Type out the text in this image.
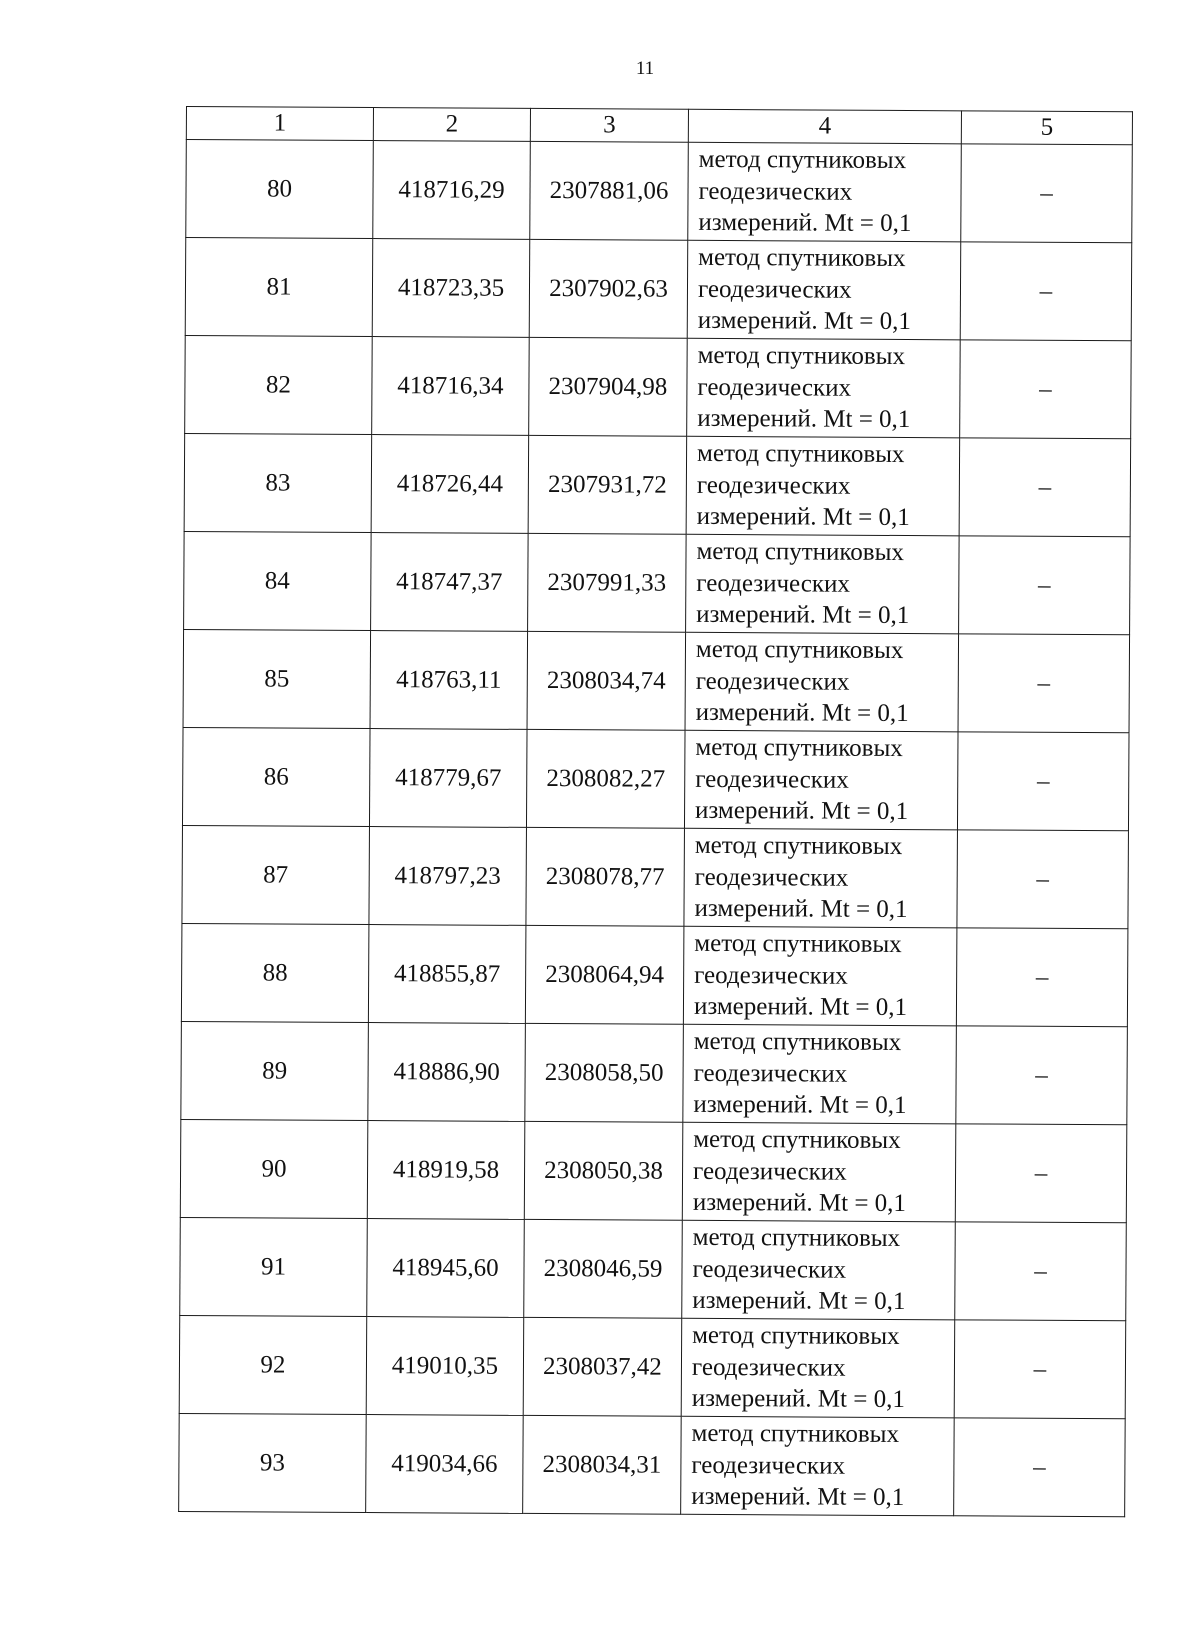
11
1	2	3	4	5
80	418716,29	2307881,06	метод спутниковых
геодезических
измерений. Mt = 0,1	–
81	418723,35	2307902,63	метод спутниковых
геодезических
измерений. Mt = 0,1	–
82	418716,34	2307904,98	метод спутниковых
геодезических
измерений. Mt = 0,1	–
83	418726,44	2307931,72	метод спутниковых
геодезических
измерений. Mt = 0,1	–
84	418747,37	2307991,33	метод спутниковых
геодезических
измерений. Mt = 0,1	–
85	418763,11	2308034,74	метод спутниковых
геодезических
измерений. Mt = 0,1	–
86	418779,67	2308082,27	метод спутниковых
геодезических
измерений. Mt = 0,1	–
87	418797,23	2308078,77	метод спутниковых
геодезических
измерений. Mt = 0,1	–
88	418855,87	2308064,94	метод спутниковых
геодезических
измерений. Mt = 0,1	–
89	418886,90	2308058,50	метод спутниковых
геодезических
измерений. Mt = 0,1	–
90	418919,58	2308050,38	метод спутниковых
геодезических
измерений. Mt = 0,1	–
91	418945,60	2308046,59	метод спутниковых
геодезических
измерений. Mt = 0,1	–
92	419010,35	2308037,42	метод спутниковых
геодезических
измерений. Mt = 0,1	–
93	419034,66	2308034,31	метод спутниковых
геодезических
измерений. Mt = 0,1	–
